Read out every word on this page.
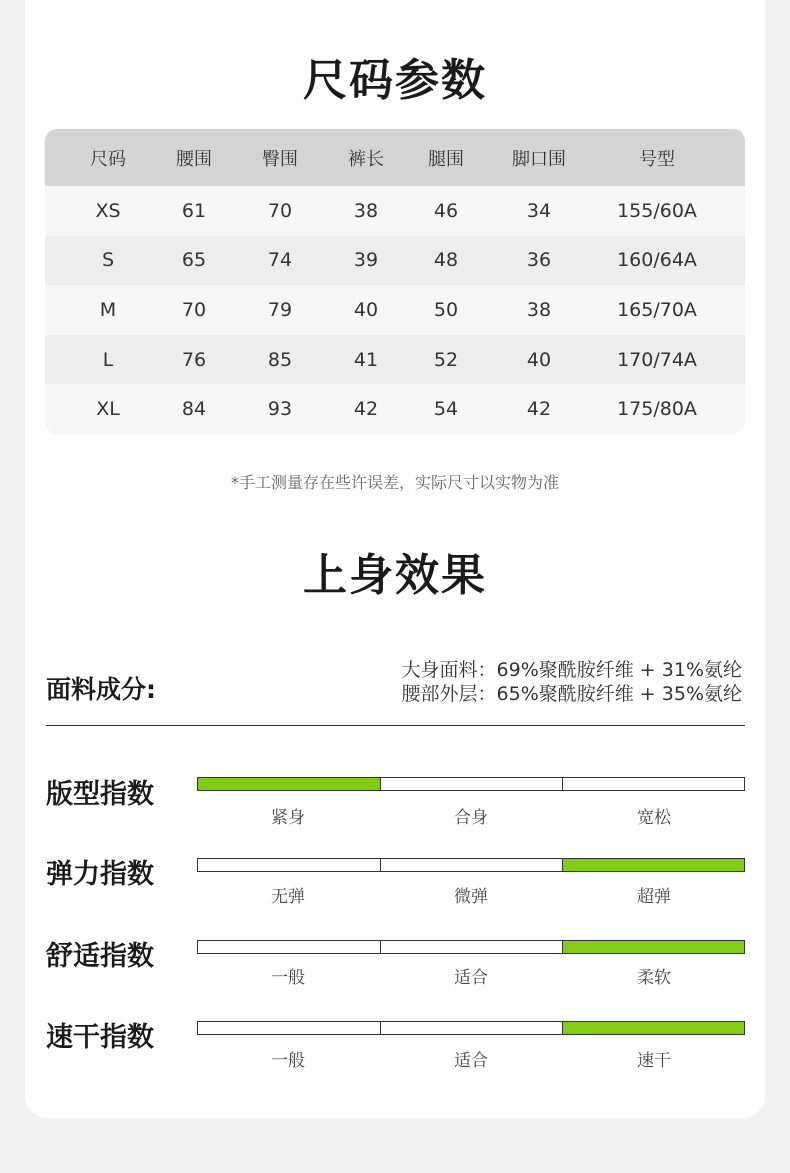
尺码参数
尺码	腰围	臀围	裤长	腿围	脚口围	号型
XS	61	70	38	46	34	155/60A
S	65	74	39	48	36	160/64A
M	70	79	40	50	38	165/70A
L	76	85	41	52	40	170/74A
XL	84	93	42	54	42	175/80A
*手工测量存在些许误差，实际尺寸以实物为准
上身效果
面料成分:
大身面料：69%聚酰胺纤维 + 31%氨纶
腰部外层：65%聚酰胺纤维 + 35%氨纶
版型指数
紧身	合身	宽松
弹力指数
无弹	微弹	超弹
舒适指数
一般	适合	柔软
速干指数
一般	适合	速干
